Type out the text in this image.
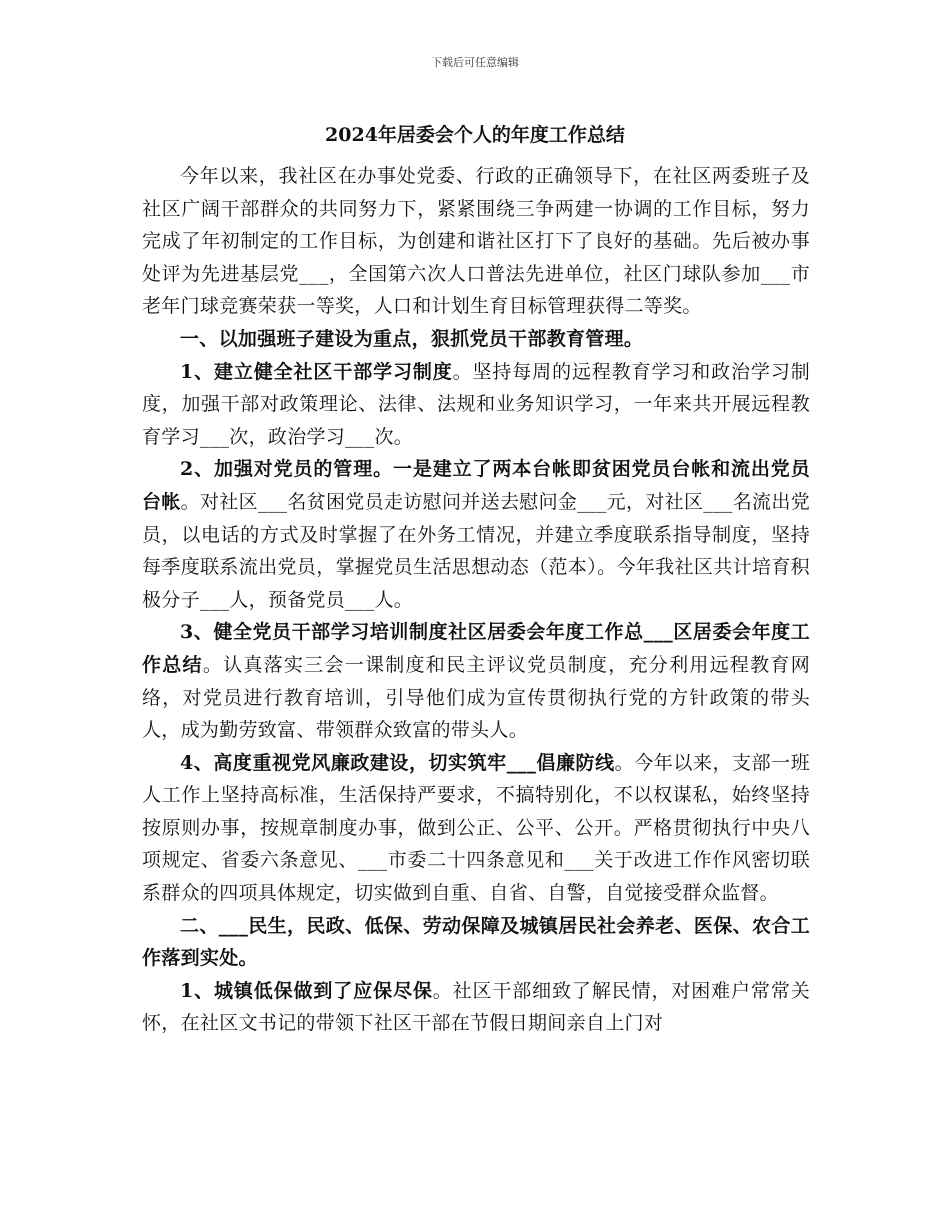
下载后可任意编辑
2024年居委会个人的年度工作总结

今年以来，我社区在办事处党委、行政的正确领导下，在社区两委班子及社区广阔干部群众的共同努力下，紧紧围绕三争两建一协调的工作目标，努力完成了年初制定的工作目标，为创建和谐社区打下了良好的基础。先后被办事处评为先进基层党___，全国第六次人口普法先进单位，社区门球队参加___市老年门球竞赛荣获一等奖，人口和计划生育目标管理获得二等奖。

一、以加强班子建设为重点，狠抓党员干部教育管理。

1、建立健全社区干部学习制度。坚持每周的远程教育学习和政治学习制度，加强干部对政策理论、法律、法规和业务知识学习，一年来共开展远程教育学习___次，政治学习___次。

2、加强对党员的管理。一是建立了两本台帐即贫困党员台帐和流出党员台帐。对社区___名贫困党员走访慰问并送去慰问金___元，对社区___名流出党员，以电话的方式及时掌握了在外务工情况，并建立季度联系指导制度，坚持每季度联系流出党员，掌握党员生活思想动态（范本）。今年我社区共计培育积极分子___人，预备党员___人。

3、健全党员干部学习培训制度社区居委会年度工作总___区居委会年度工作总结。认真落实三会一课制度和民主评议党员制度，充分利用远程教育网络，对党员进行教育培训，引导他们成为宣传贯彻执行党的方针政策的带头人，成为勤劳致富、带领群众致富的带头人。

4、高度重视党风廉政建设，切实筑牢___倡廉防线。今年以来，支部一班人工作上坚持高标准，生活保持严要求，不搞特别化，不以权谋私，始终坚持按原则办事，按规章制度办事，做到公正、公平、公开。严格贯彻执行中央八项规定、省委六条意见、___市委二十四条意见和___关于改进工作作风密切联系群众的四项具体规定，切实做到自重、自省、自警，自觉接受群众监督。

二、___民生，民政、低保、劳动保障及城镇居民社会养老、医保、农合工作落到实处。

1、城镇低保做到了应保尽保。社区干部细致了解民情，对困难户常常关怀，在社区文书记的带领下社区干部在节假日期间亲自上门对
